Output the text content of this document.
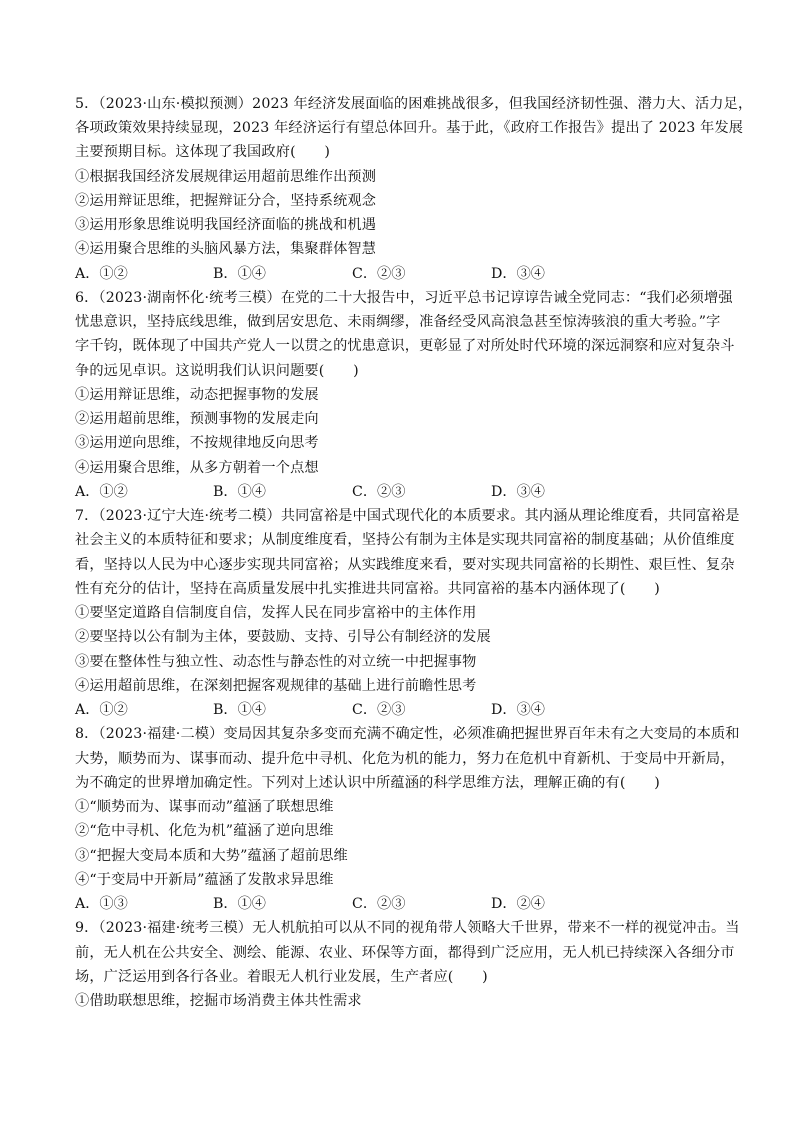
5．（2023·山东·模拟预测）2023 年经济发展面临的困难挑战很多，但我国经济韧性强、潜力大、活力足，
各项政策效果持续显现，2023 年经济运行有望总体回升。基于此，《政府工作报告》提出了 2023 年发展
主要预期目标。这体现了我国政府(　　)
①根据我国经济发展规律运用超前思维作出预测
②运用辩证思维，把握辩证分合，坚持系统观念
③运用形象思维说明我国经济面临的挑战和机遇
④运用聚合思维的头脑风暴方法，集聚群体智慧
A．①②	B．①④	C．②③	D．③④
6．（2023·湖南怀化·统考三模）在党的二十大报告中，习近平总书记谆谆告诫全党同志：“我们必须增强
忧患意识，坚持底线思维，做到居安思危、未雨绸缪，准备经受风高浪急甚至惊涛骇浪的重大考验。”字
字千钧，既体现了中国共产党人一以贯之的忧患意识，更彰显了对所处时代环境的深远洞察和应对复杂斗
争的远见卓识。这说明我们认识问题要(　　)
①运用辩证思维，动态把握事物的发展
②运用超前思维，预测事物的发展走向
③运用逆向思维，不按规律地反向思考
④运用聚合思维，从多方朝着一个点想
A．①②	B．①④	C．②③	D．③④
7．（2023·辽宁大连·统考二模）共同富裕是中国式现代化的本质要求。其内涵从理论维度看，共同富裕是
社会主义的本质特征和要求；从制度维度看，坚持公有制为主体是实现共同富裕的制度基础；从价值维度
看，坚持以人民为中心逐步实现共同富裕；从实践维度来看，要对实现共同富裕的长期性、艰巨性、复杂
性有充分的估计，坚持在高质量发展中扎实推进共同富裕。共同富裕的基本内涵体现了(　　)
①要坚定道路自信制度自信，发挥人民在同步富裕中的主体作用
②要坚持以公有制为主体，要鼓励、支持、引导公有制经济的发展
③要在整体性与独立性、动态性与静态性的对立统一中把握事物
④运用超前思维，在深刻把握客观规律的基础上进行前瞻性思考
A．①②	B．①④	C．②③	D．③④
8．（2023·福建·二模）变局因其复杂多变而充满不确定性，必须准确把握世界百年未有之大变局的本质和
大势，顺势而为、谋事而动、提升危中寻机、化危为机的能力，努力在危机中育新机、于变局中开新局，
为不确定的世界增加确定性。下列对上述认识中所蕴涵的科学思维方法，理解正确的有(　　)
①“顺势而为、谋事而动”蕴涵了联想思维
②“危中寻机、化危为机”蕴涵了逆向思维
③“把握大变局本质和大势”蕴涵了超前思维
④“于变局中开新局”蕴涵了发散求异思维
A．①③	B．①④	C．②③	D．②④
9．（2023·福建·统考三模）无人机航拍可以从不同的视角带人领略大千世界，带来不一样的视觉冲击。当
前，无人机在公共安全、测绘、能源、农业、环保等方面，都得到广泛应用，无人机已持续深入各细分市
场，广泛运用到各行各业。着眼无人机行业发展，生产者应(　　)
①借助联想思维，挖掘市场消费主体共性需求
